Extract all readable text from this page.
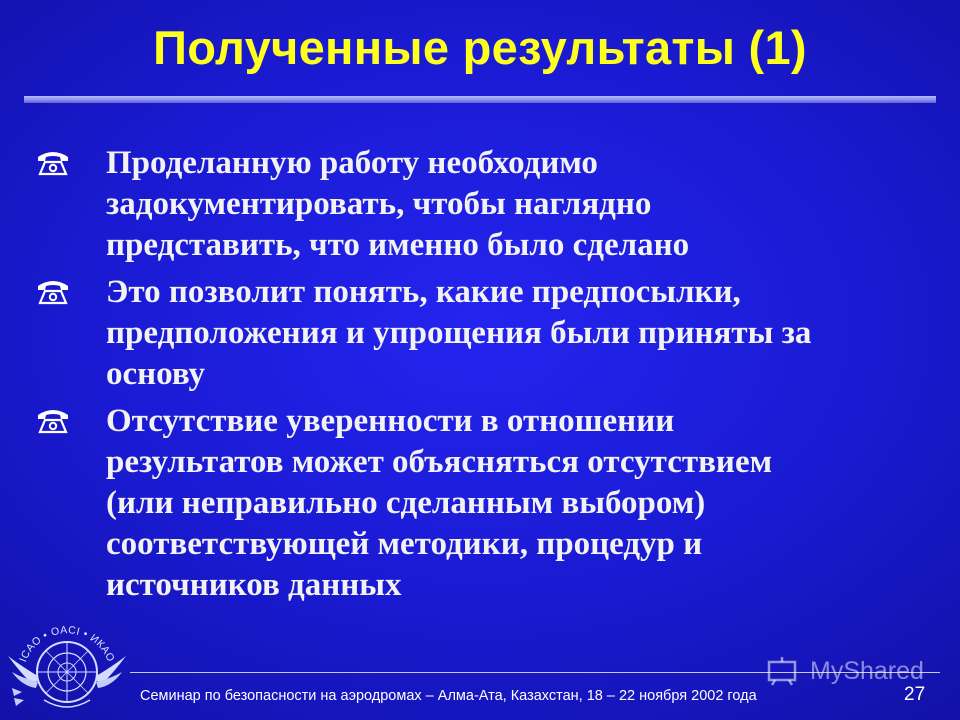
Полученные результаты (1)
Проделанную работу необходимо
задокументировать, чтобы наглядно
представить, что именно было сделано
Это позволит понять, какие предпосылки,
предположения и упрощения были приняты за
основу
Отсутствие уверенности в отношении
результатов может объясняться отсутствием
(или неправильно сделанным выбором)
соответствующей методики, процедур и
источников данных
ICAO • OACI • ИКАО
Семинар по безопасности на аэродромах – Алма-Ата, Казахстан, 18 – 22 ноября 2002 года	27
MyShared
